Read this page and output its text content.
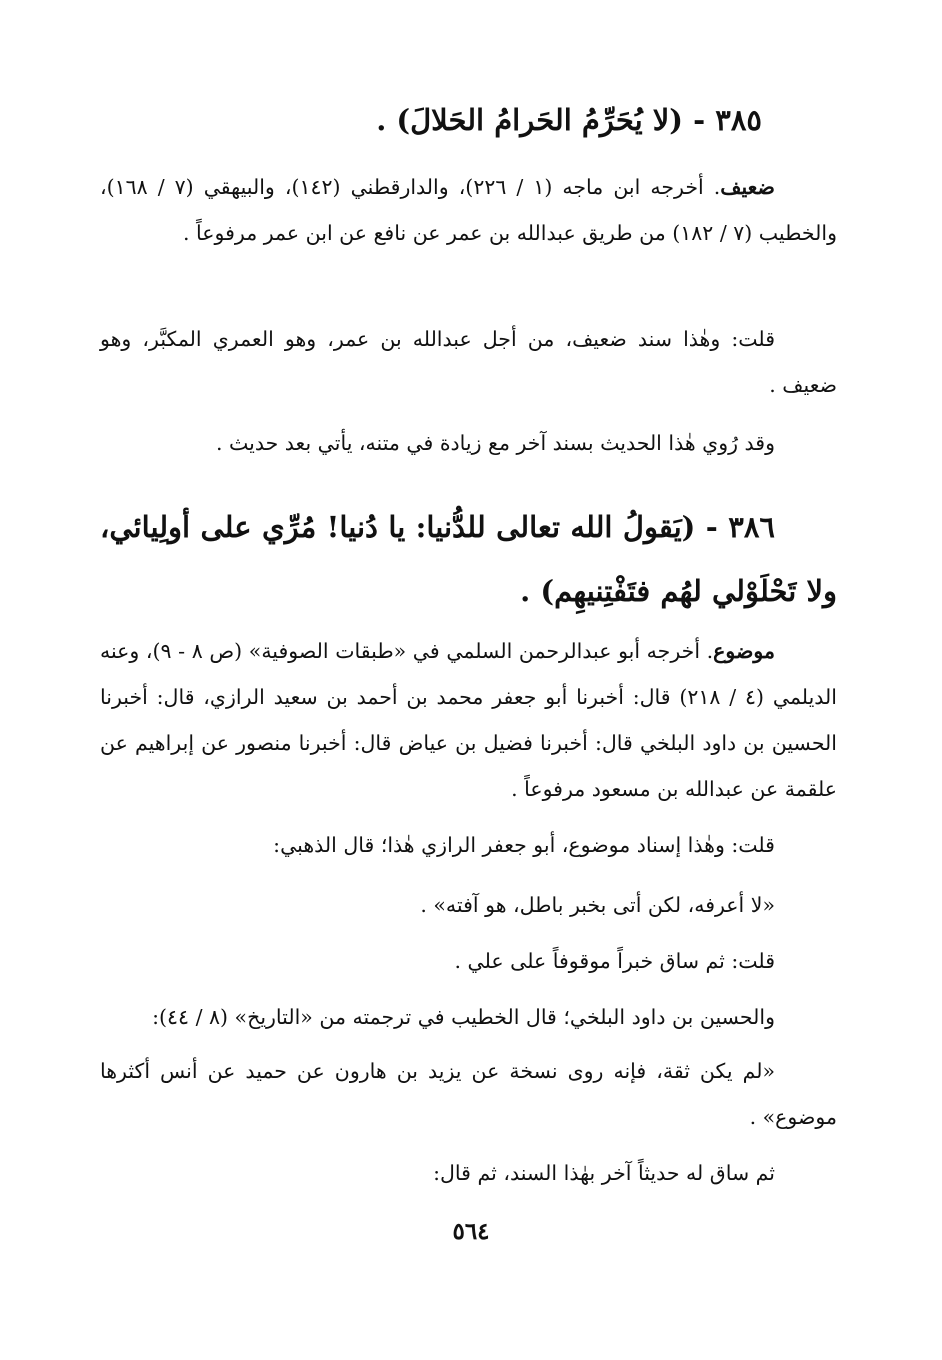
٣٨٥ - (لا يُحَرِّمُ الحَرامُ الحَلالَ) .
ضعيف. أخرجه ابن ماجه (١ / ٢٢٦)، والدارقطني (١٤٢)، والبيهقي (٧ / ١٦٨)، والخطيب (٧ / ١٨٢) من طريق عبدالله بن عمر عن نافع عن ابن عمر مرفوعاً .
قلت: وهٰذا سند ضعيف، من أجل عبدالله بن عمر، وهو العمري المكبَّر، وهو ضعيف .
وقد رُوي هٰذا الحديث بسند آخر مع زيادة في متنه، يأتي بعد حديث .
٣٨٦ - (يَقولُ الله تعالى للدُّنيا: يا دُنيا! مُرِّي على أولِيائي، ولا تَحْلَوْلي لهُم فتَفْتِنيهِم) .
موضوع. أخرجه أبو عبدالرحمن السلمي في «طبقات الصوفية» (ص ٨ - ٩)، وعنه الديلمي (٤ / ٢١٨) قال: أخبرنا أبو جعفر محمد بن أحمد بن سعيد الرازي، قال: أخبرنا الحسين بن داود البلخي قال: أخبرنا فضيل بن عياض قال: أخبرنا منصور عن إبراهيم عن علقمة عن عبدالله بن مسعود مرفوعاً .
قلت: وهٰذا إسناد موضوع، أبو جعفر الرازي هٰذا؛ قال الذهبي:
«لا أعرفه، لكن أتى بخبر باطل، هو آفته» .
قلت: ثم ساق خبراً موقوفاً على علي .
والحسين بن داود البلخي؛ قال الخطيب في ترجمته من «التاريخ» (٨ / ٤٤):
«لم يكن ثقة، فإنه روى نسخة عن يزيد بن هارون عن حميد عن أنس أكثرها موضوع» .
ثم ساق له حديثاً آخر بهٰذا السند، ثم قال:
٥٦٤
